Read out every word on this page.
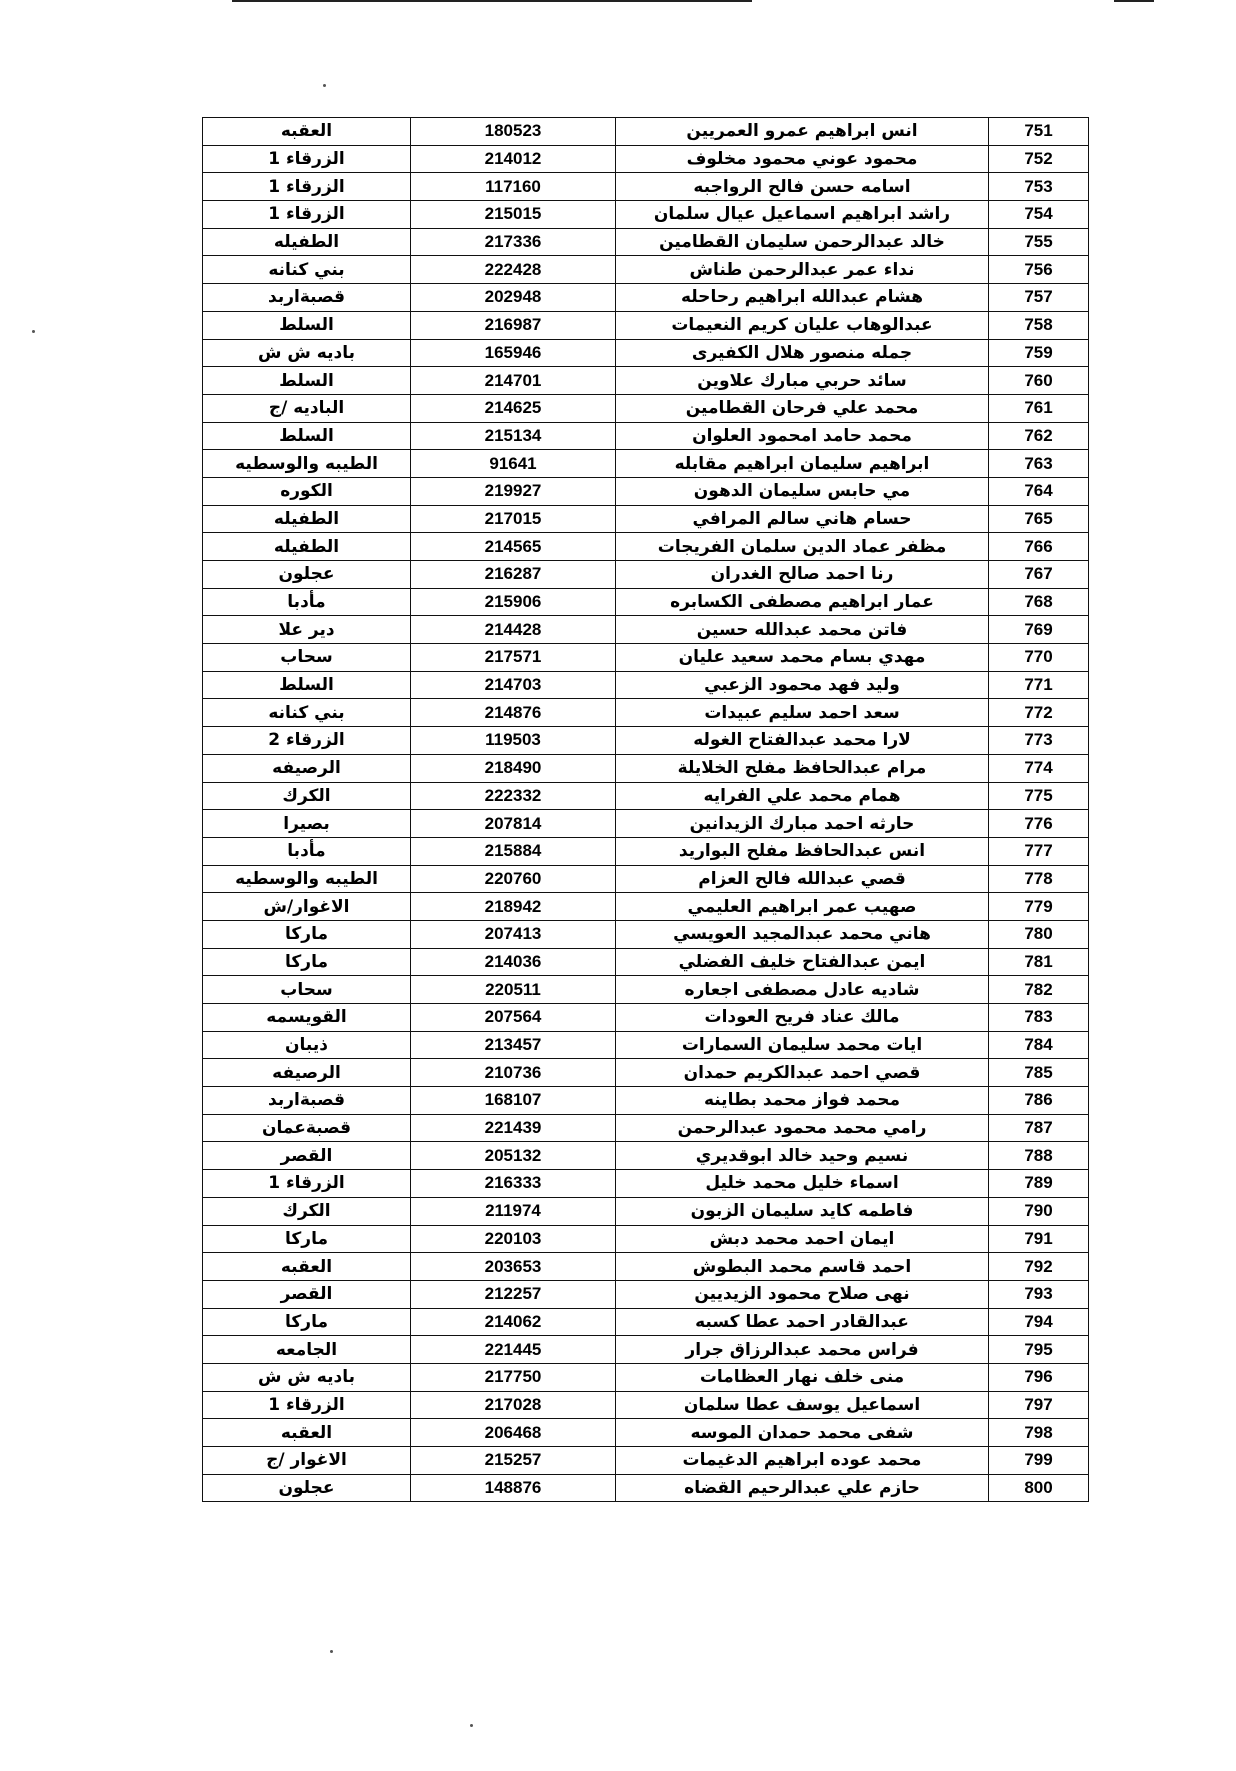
العقبه	180523	انس ابراهيم عمرو العمريين	751
الزرقاء 1	214012	محمود عوني محمود مخلوف	752
الزرقاء 1	117160	اسامه حسن فالح الرواجبه	753
الزرقاء 1	215015	راشد ابراهيم اسماعيل عيال سلمان	754
الطفيله	217336	خالد عبدالرحمن سليمان القطامين	755
بني كنانه	222428	نداء عمر عبدالرحمن طناش	756
قصبةاربد	202948	هشام عبدالله ابراهيم رحاحله	757
السلط	216987	عبدالوهاب عليان كريم النعيمات	758
باديه ش ش	165946	جمله منصور هلال الكفيرى	759
السلط	214701	سائد حربي مبارك علاوين	760
الباديه /ج	214625	محمد علي فرحان القطامين	761
السلط	215134	محمد حامد امحمود العلوان	762
الطيبه والوسطيه	91641	ابراهيم سليمان ابراهيم مقابله	763
الكوره	219927	مي حابس سليمان الدهون	764
الطفيله	217015	حسام هاني سالم المرافي	765
الطفيله	214565	مظفر عماد الدين سلمان الفريجات	766
عجلون	216287	رنا احمد صالح الغدران	767
مأدبا	215906	عمار ابراهيم مصطفى الكسابره	768
دير علا	214428	فاتن محمد عبدالله حسين	769
سحاب	217571	مهدي بسام محمد سعيد عليان	770
السلط	214703	وليد فهد محمود الزعبي	771
بني كنانه	214876	سعد احمد سليم عبيدات	772
الزرقاء 2	119503	لارا محمد عبدالفتاح الغوله	773
الرصيفه	218490	مرام عبدالحافظ مفلح الخلايلة	774
الكرك	222332	همام محمد علي الفرايه	775
بصيرا	207814	حارثه احمد مبارك الزيدانين	776
مأدبا	215884	انس عبدالحافظ مفلح البواريد	777
الطيبه والوسطيه	220760	قصي عبدالله فالح العزام	778
الاغوار/ش	218942	صهيب عمر ابراهيم العليمي	779
ماركا	207413	هاني محمد عبدالمجيد العويسي	780
ماركا	214036	ايمن عبدالفتاح خليف الفضلي	781
سحاب	220511	شاديه عادل مصطفى اجعاره	782
القويسمه	207564	مالك عناد فريح العودات	783
ذيبان	213457	ايات محمد سليمان السمارات	784
الرصيفه	210736	قصي احمد عبدالكريم حمدان	785
قصبةاربد	168107	محمد فواز محمد بطاينه	786
قصبةعمان	221439	رامي محمد محمود عبدالرحمن	787
القصر	205132	نسيم وحيد خالد ابوقديري	788
الزرقاء 1	216333	اسماء خليل محمد خليل	789
الكرك	211974	فاطمه كايد سليمان الزبون	790
ماركا	220103	ايمان احمد محمد دبش	791
العقبه	203653	احمد قاسم محمد البطوش	792
القصر	212257	نهى صلاح محمود الزيديين	793
ماركا	214062	عبدالقادر احمد عطا كسبه	794
الجامعه	221445	فراس محمد عبدالرزاق جرار	795
باديه ش ش	217750	منى خلف نهار العظامات	796
الزرقاء 1	217028	اسماعيل يوسف عطا سلمان	797
العقبه	206468	شفى محمد حمدان الموسه	798
الاغوار /ج	215257	محمد عوده ابراهيم الدغيمات	799
عجلون	148876	حازم علي عبدالرحيم القضاه	800
